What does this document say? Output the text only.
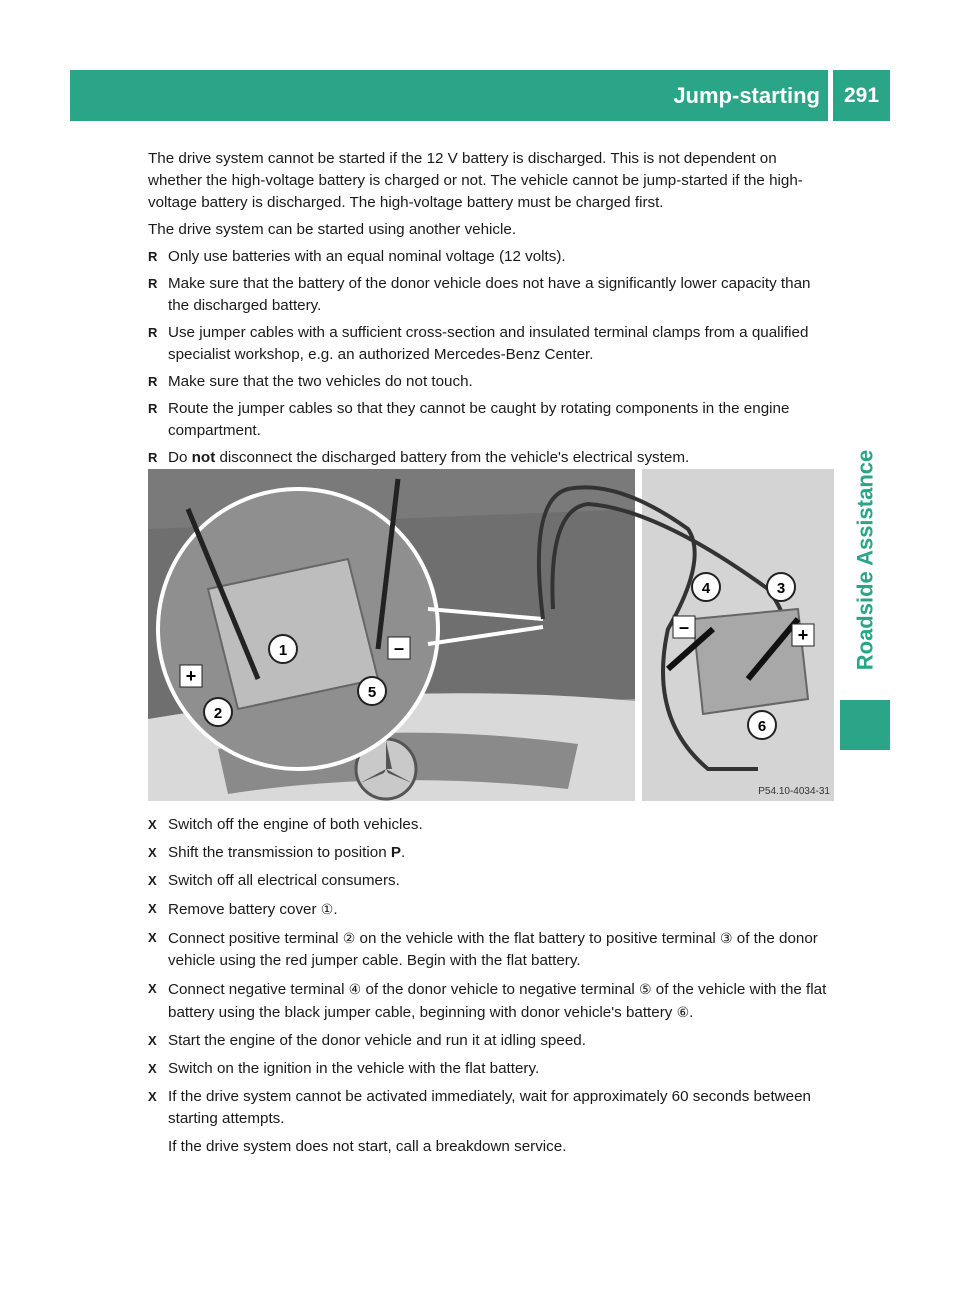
Jump-starting	291
Roadside Assistance

The drive system cannot be started if the 12 V battery is discharged. This is not dependent on whether the high-voltage battery is charged or not. The vehicle cannot be jump-started if the high-voltage battery is discharged. The high-voltage battery must be charged first.

The drive system can be started using another vehicle.

R Only use batteries with an equal nominal voltage (12 volts).
R Make sure that the battery of the donor vehicle does not have a significantly lower capacity than the discharged battery.
R Use jumper cables with a sufficient cross-section and insulated terminal clamps from a qualified specialist workshop, e.g. an authorized Mercedes-Benz Center.
R Make sure that the two vehicles do not touch.
R Route the jumper cables so that they cannot be caught by rotating components in the engine compartment.
R Do not disconnect the discharged battery from the vehicle's electrical system.
+
–
–	+
1
2
3
4
5
6
P54.10-4034-31
X Switch off the engine of both vehicles.
X Shift the transmission to position P.
X Switch off all electrical consumers.
X Remove battery cover ①.
X Connect positive terminal ② on the vehicle with the flat battery to positive terminal ③ of the donor vehicle using the red jumper cable. Begin with the flat battery.
X Connect negative terminal ④ of the donor vehicle to negative terminal ⑤ of the vehicle with the flat battery using the black jumper cable, beginning with donor vehicle's battery ⑥.
X Start the engine of the donor vehicle and run it at idling speed.
X Switch on the ignition in the vehicle with the flat battery.
X If the drive system cannot be activated immediately, wait for approximately 60 seconds between starting attempts.
If the drive system does not start, call a breakdown service.
